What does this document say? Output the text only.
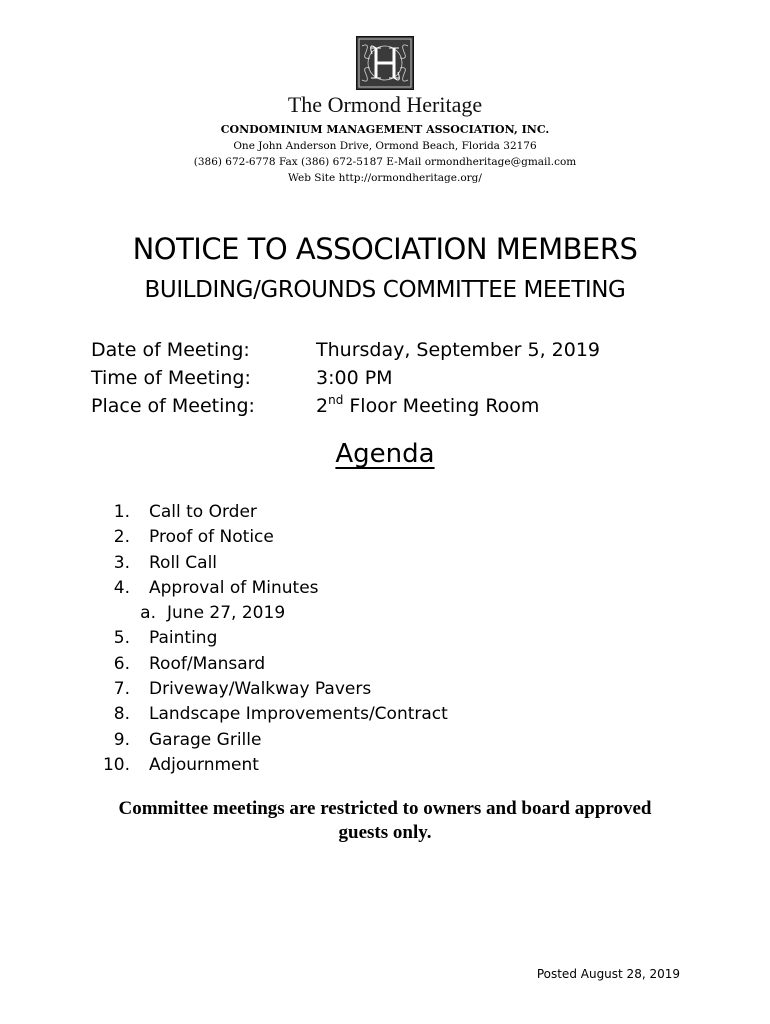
The Ormond Heritage
CONDOMINIUM MANAGEMENT ASSOCIATION, INC.
One John Anderson Drive, Ormond Beach, Florida 32176
(386) 672-6778 Fax (386) 672-5187 E-Mail ormondheritage@gmail.com
Web Site http://ormondheritage.org/
NOTICE TO ASSOCIATION MEMBERS
BUILDING/GROUNDS COMMITTEE MEETING
Date of Meeting:	Thursday, September 5, 2019
Time of Meeting:	3:00 PM
Place of Meeting:	2nd Floor Meeting Room
Agenda
1. Call to Order
2. Proof of Notice
3. Roll Call
4. Approval of Minutes
a. June 27, 2019
5. Painting
6. Roof/Mansard
7. Driveway/Walkway Pavers
8. Landscape Improvements/Contract
9. Garage Grille
10. Adjournment
Committee meetings are restricted to owners and board approved
guests only.
Posted August 28, 2019
